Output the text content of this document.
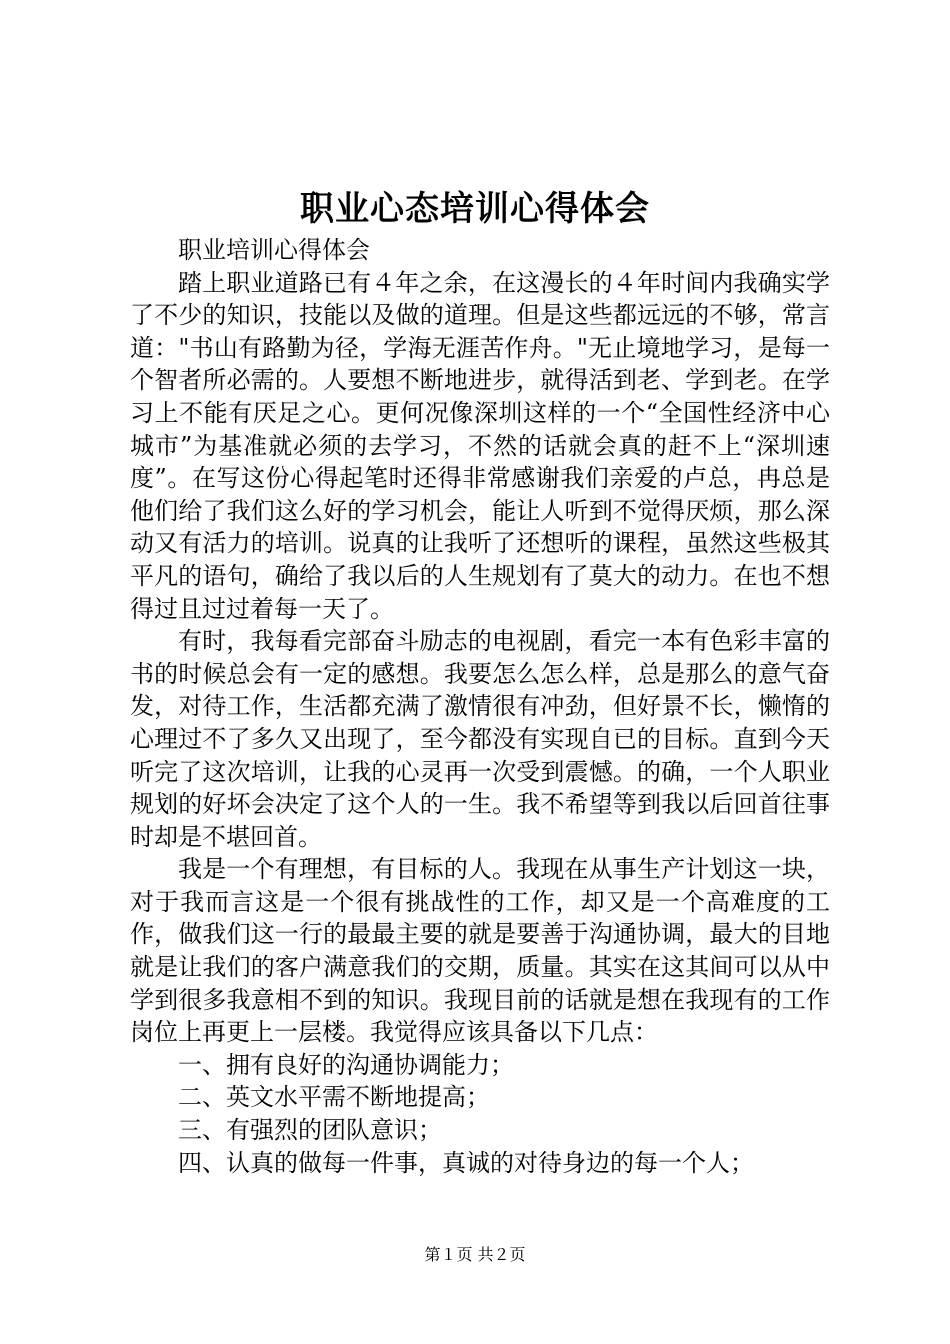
职业心态培训心得体会

职业培训心得体会

踏上职业道路已有４年之余，在这漫长的４年时间内我确实学了不少的知识，技能以及做的道理。但是这些都远远的不够，常言道："书山有路勤为径，学海无涯苦作舟。"无止境地学习，是每一个智者所必需的。人要想不断地进步，就得活到老、学到老。在学习上不能有厌足之心。更何况像深圳这样的一个“全国性经济中心城市”为基准就必须的去学习，不然的话就会真的赶不上“深圳速度”。在写这份心得起笔时还得非常感谢我们亲爱的卢总，冉总是他们给了我们这么好的学习机会，能让人听到不觉得厌烦，那么深动又有活力的培训。说真的让我听了还想听的课程，虽然这些极其平凡的语句，确给了我以后的人生规划有了莫大的动力。在也不想得过且过过着每一天了。

有时，我每看完部奋斗励志的电视剧，看完一本有色彩丰富的书的时候总会有一定的感想。我要怎么怎么样，总是那么的意气奋发，对待工作，生活都充满了激情很有冲劲，但好景不长，懒惰的心理过不了多久又出现了，至今都没有实现自已的目标。直到今天听完了这次培训，让我的心灵再一次受到震憾。的确，一个人职业规划的好坏会决定了这个人的一生。我不希望等到我以后回首往事时却是不堪回首。

我是一个有理想，有目标的人。我现在从事生产计划这一块，对于我而言这是一个很有挑战性的工作，却又是一个高难度的工作，做我们这一行的最最主要的就是要善于沟通协调，最大的目地就是让我们的客户满意我们的交期，质量。其实在这其间可以从中学到很多我意相不到的知识。我现目前的话就是想在我现有的工作岗位上再更上一层楼。我觉得应该具备以下几点：

一、拥有良好的沟通协调能力；

二、英文水平需不断地提高；

三、有强烈的团队意识；

四、认真的做每一件事，真诚的对待身边的每一个人；

第１页 共２页
